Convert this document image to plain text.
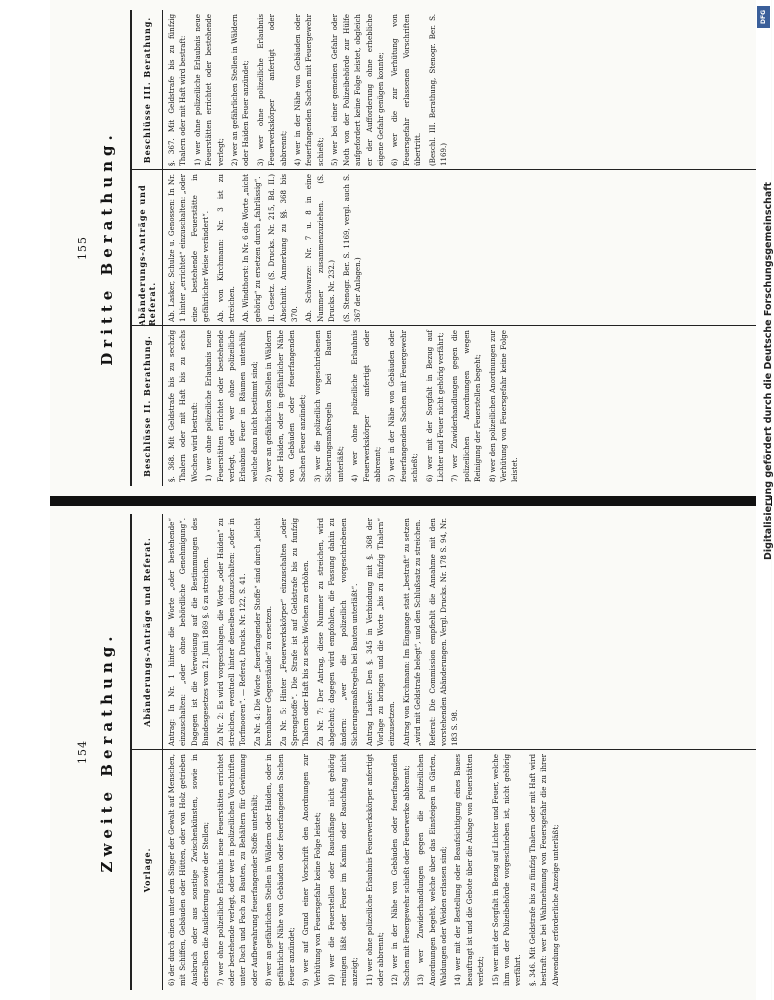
154 Zweite Berathung.	Vorlage.
Abänderungs-Anträge und Referat.

6) der durch einen unter dem Singer der Gewalt auf Menschen, mit Schiffen, Gebäuden oder Hütten, oder von Holz getrieben Ausbruch oder aus sonstige Zwischenkünsten, sowie in derselben die Auslieferung sowie der Stellen; 7) wer ohne polizeiliche Erlaubnis neue Feuerstätten errichtet oder bestehende verlegt, oder wer in polizeilichen Vorschriften unter Dach und Fach zu Bauten, zu Behältern für Gewinnung oder Aufbewahrung feuerfangender Stoffe unterhält; 8) wer an gefährlichen Stellen in Wäldern oder Haiden, oder in gefährlicher Nähe von Gebäuden oder feuerfangenden Sachen Feuer anzündet; 9) wer auf Grund einer Vorschrift den Anordnungen zur Verhütung von Feuersgefahr keine Folge leistet; 10) wer die Feuerstellen oder Rauchfänge nicht gehörig reinigen läßt oder Feuer im Kamin oder Rauchfang nicht anzeigt; 11) wer ohne polizeiliche Erlaubnis Feuerwerkskörper anfertigt oder abbrennt; 12) wer in der Nähe von Gebäuden oder feuerfangenden Sachen mit Feuergewehr schießt oder Feuerwerke abbrennt; 13) wer Zuwiderhandlungen gegen die polizeilichen Anordnungen begeht, welche über das Einsteigen in Gärten, Waldungen oder Weiden erlassen sind; 14) wer mit der Bestellung oder Beaufsichtigung eines Baues beauftragt ist und die Gebote über die Anlage von Feuerstätten verletzt; 15) wer mit der Sorgfalt in Bezug auf Lichter und Feuer, welche ihm von der Polizeibehörde vorgeschrieben ist, nicht gehörig verfährt. §. 346. Mit Geldstrafe bis zu fünfzig Thalern oder mit Haft wird bestraft: wer bei Wahrnehmung von Feuersgefahr die zu ihrer Abwendung erforderliche Anzeige unterläßt;

Antrag: In Nr. 1 hinter die Worte „oder bestehende“ einzuschalten: „oder ohne behördliche Genehmigung“. Dagegen ist die Verweisung auf die Bestimmungen des Bundesgesetzes vom 21. Juni 1869 §. 6 zu streichen. Zu Nr. 2: Es wird vorgeschlagen, die Worte „oder Haiden“ zu streichen, eventuell hinter denselben einzuschalten: „oder in Torfmooren“. — Referat, Drucks. Nr. 122, S. 41. Zu Nr. 4: Die Worte „feuerfangender Stoffe“ sind durch „leicht brennbarer Gegenstände“ zu ersetzen. Zu Nr. 5: Hinter „Feuerwerkskörper“ einzuschalten „oder Sprengstoffe“. Die Strafe ist auf Geldstrafe bis zu funfzig Thalern oder Haft bis zu sechs Wochen zu erhöhen. Zu Nr. 7: Der Antrag, diese Nummer zu streichen, wird abgelehnt; dagegen wird empfohlen, die Fassung dahin zu ändern: „wer die polizeilich vorgeschriebenen Sicherungsmaßregeln bei Bauten unterläßt“. Antrag Lasker: Den §. 345 in Verbindung mit §. 368 der Vorlage zu bringen und die Worte „bis zu fünfzig Thalern“ einzusetzen. Antrag von Kirchmann: Im Eingange statt „bestraft“ zu setzen „wird mit Geldstrafe belegt“, und den Schlußsatz zu streichen. Referat: Die Commission empfiehlt die Annahme mit den vorstehenden Abänderungen. Vergl. Drucks. Nr. 178 S. 94, Nr. 183 S. 98.

155 Dritte Berathung.
Beschlüsse II. Berathung.
Abänderungs-Anträge und Referat.
Beschlüsse III. Berathung.

§. 368. Mit Geldstrafe bis zu sechzig Thalern oder mit Haft bis zu sechs Wochen wird bestraft: 1) wer ohne polizeiliche Erlaubnis neue Feuerstätten errichtet oder bestehende verlegt, oder wer ohne polizeiliche Erlaubnis Feuer in Räumen unterhält, welche dazu nicht bestimmt sind; 2) wer an gefährlichen Stellen in Wäldern oder Haiden, oder in gefährlicher Nähe von Gebäuden oder feuerfangenden Sachen Feuer anzündet; 3) wer die polizeilich vorgeschriebenen Sicherungsmaßregeln bei Bauten unterläßt; 4) wer ohne polizeiliche Erlaubnis Feuerwerkskörper anfertigt oder abbrennt; 5) wer in der Nähe von Gebäuden oder feuerfangenden Sachen mit Feuergewehr schießt; 6) wer mit der Sorgfalt in Bezug auf Lichter und Feuer nicht gehörig verfährt; 7) wer Zuwiderhandlungen gegen die polizeilichen Anordnungen wegen Reinigung der Feuerstellen begeht; 8) wer den polizeilichen Anordnungen zur Verhütung von Feuersgefahr keine Folge leistet.

Ab. Lasker, Schulze u. Genossen: In Nr. 1 hinter „errichtet“ einzuschalten: „oder eine bestehende Feuerstätte in gefährlicher Weise verändert“. Ab. von Kirchmann: Nr. 3 ist zu streichen. Ab. Windthorst: In Nr. 6 die Worte „nicht gehörig“ zu ersetzen durch „fahrlässig“. II. Gesetz. (S. Drucks. Nr. 215, Bd. II.) Abschnitt. Anmerkung zu §§. 368 bis 370. Ab. Schwarze: Nr. 7 u. 8 in eine Nummer zusammenzuziehen. (S. Drucks. Nr. 232.) (S. Stenogr. Ber. S. 1169, vergl. auch S. 367 der Anlagen.)

§. 367. Mit Geldstrafe bis zu fünfzig Thalern oder mit Haft wird bestraft: 1) wer ohne polizeiliche Erlaubnis neue Feuerstätten errichtet oder bestehende verlegt; 2) wer an gefährlichen Stellen in Wäldern oder Haiden Feuer anzündet; 3) wer ohne polizeiliche Erlaubnis Feuerwerkskörper anfertigt oder abbrennt; 4) wer in der Nähe von Gebäuden oder feuerfangenden Sachen mit Feuergewehr schießt; 5) wer bei einer gemeinen Gefahr oder Noth von der Polizeibehörde zur Hülfe aufgefordert keine Folge leistet, obgleich er der Aufforderung ohne erhebliche eigene Gefahr genügen konnte; 6) wer die zur Verhütung von Feuersgefahr erlassenen Vorschriften übertritt. (Beschl. III. Berathung, Stenogr. Ber. S. 1169.)

DFG
Digitalisierung gefördert durch die Deutsche Forschungsgemeinschaft
